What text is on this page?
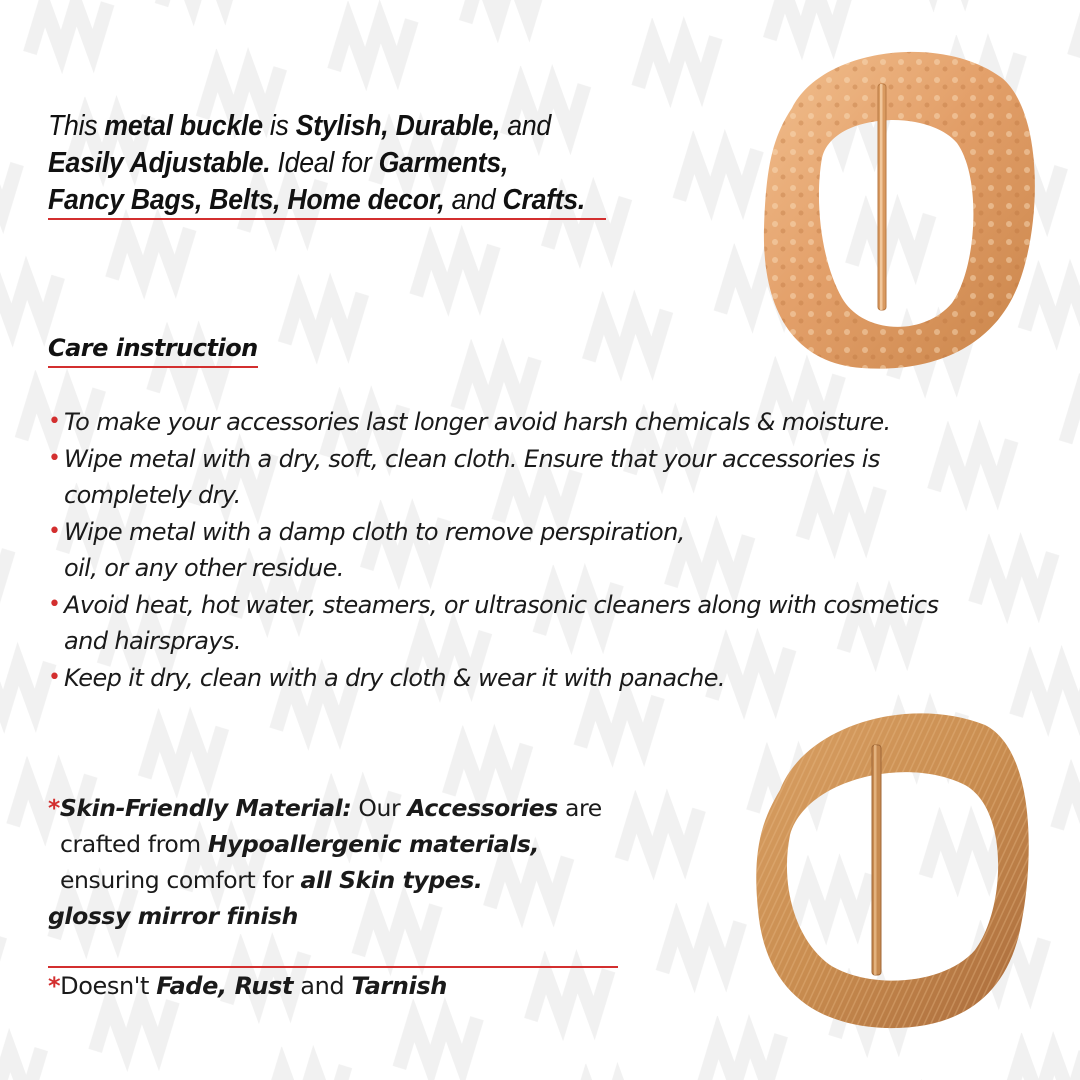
This metal buckle is Stylish, Durable, and
Easily Adjustable. Ideal for Garments,
Fancy Bags, Belts, Home decor, and Crafts.
Care instruction
• To make your accessories last longer avoid harsh chemicals & moisture.
• Wipe metal with a dry, soft, clean cloth. Ensure that your accessories is
completely dry.
• Wipe metal with a damp cloth to remove perspiration,
oil, or any other residue.
• Avoid heat, hot water, steamers, or ultrasonic cleaners along with cosmetics
and hairsprays.
• Keep it dry, clean with a dry cloth & wear it with panache.
*Skin-Friendly Material: Our Accessories are
crafted from Hypoallergenic materials,
ensuring comfort for all Skin types.
glossy mirror finish
*Doesn't Fade, Rust and Tarnish
